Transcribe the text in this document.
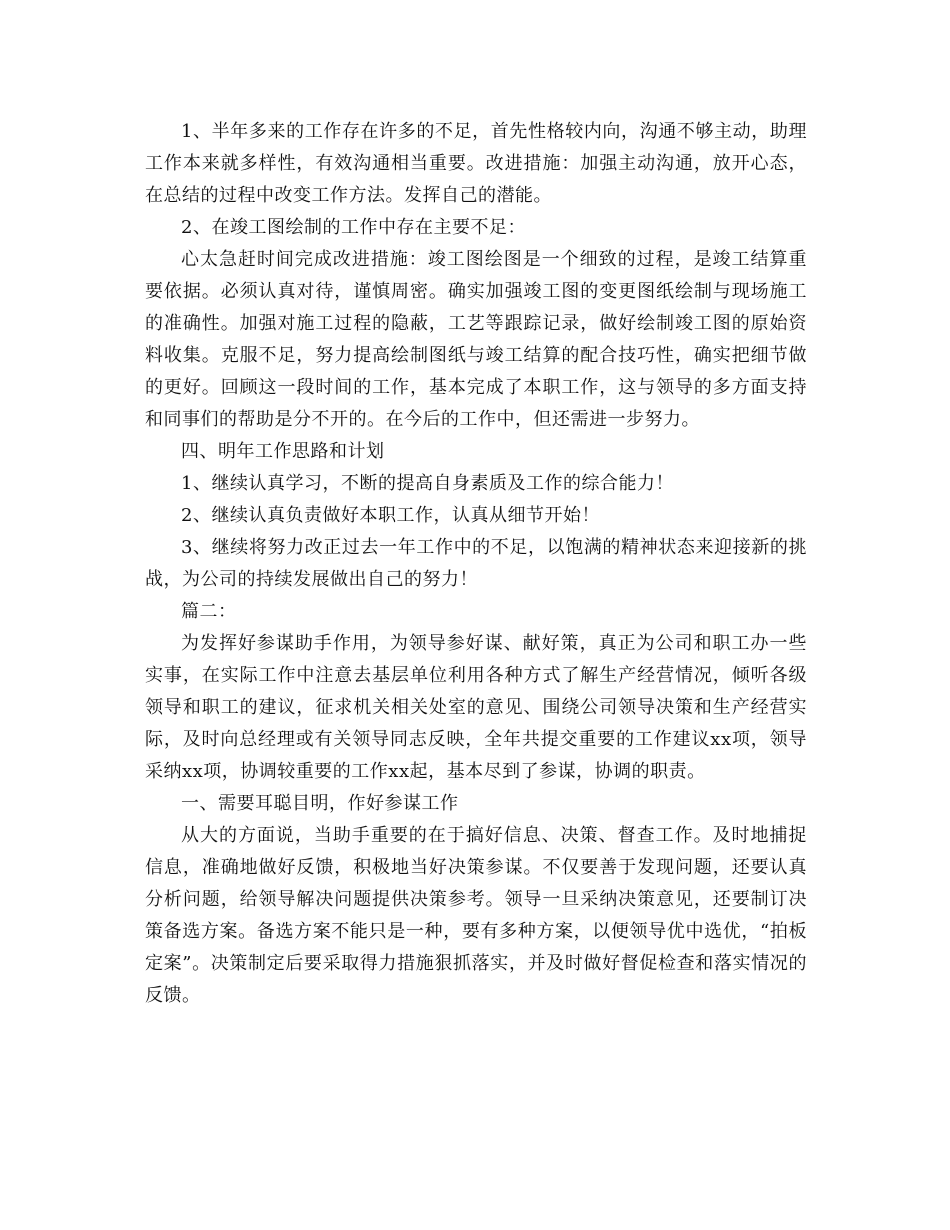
1、半年多来的工作存在许多的不足，首先性格较内向，沟通不够主动，助理工作本来就多样性，有效沟通相当重要。改进措施：加强主动沟通，放开心态，在总结的过程中改变工作方法。发挥自己的潜能。

2、在竣工图绘制的工作中存在主要不足：

心太急赶时间完成改进措施：竣工图绘图是一个细致的过程，是竣工结算重要依据。必须认真对待，谨慎周密。确实加强竣工图的变更图纸绘制与现场施工的准确性。加强对施工过程的隐蔽，工艺等跟踪记录，做好绘制竣工图的原始资料收集。克服不足，努力提高绘制图纸与竣工结算的配合技巧性，确实把细节做的更好。回顾这一段时间的工作，基本完成了本职工作，这与领导的多方面支持和同事们的帮助是分不开的。在今后的工作中，但还需进一步努力。

四、明年工作思路和计划

1、继续认真学习，不断的提高自身素质及工作的综合能力！

2、继续认真负责做好本职工作，认真从细节开始！

3、继续将努力改正过去一年工作中的不足，以饱满的精神状态来迎接新的挑战，为公司的持续发展做出自己的努力！

篇二：

为发挥好参谋助手作用，为领导参好谋、献好策，真正为公司和职工办一些实事，在实际工作中注意去基层单位利用各种方式了解生产经营情况，倾听各级领导和职工的建议，征求机关相关处室的意见、围绕公司领导决策和生产经营实际，及时向总经理或有关领导同志反映，全年共提交重要的工作建议xx项，领导采纳xx项，协调较重要的工作xx起，基本尽到了参谋，协调的职责。

一、需要耳聪目明，作好参谋工作

从大的方面说，当助手重要的在于搞好信息、决策、督查工作。及时地捕捉信息，准确地做好反馈，积极地当好决策参谋。不仅要善于发现问题，还要认真分析问题，给领导解决问题提供决策参考。领导一旦采纳决策意见，还要制订决策备选方案。备选方案不能只是一种，要有多种方案，以便领导优中选优，“拍板定案”。决策制定后要采取得力措施狠抓落实，并及时做好督促检查和落实情况的反馈。
